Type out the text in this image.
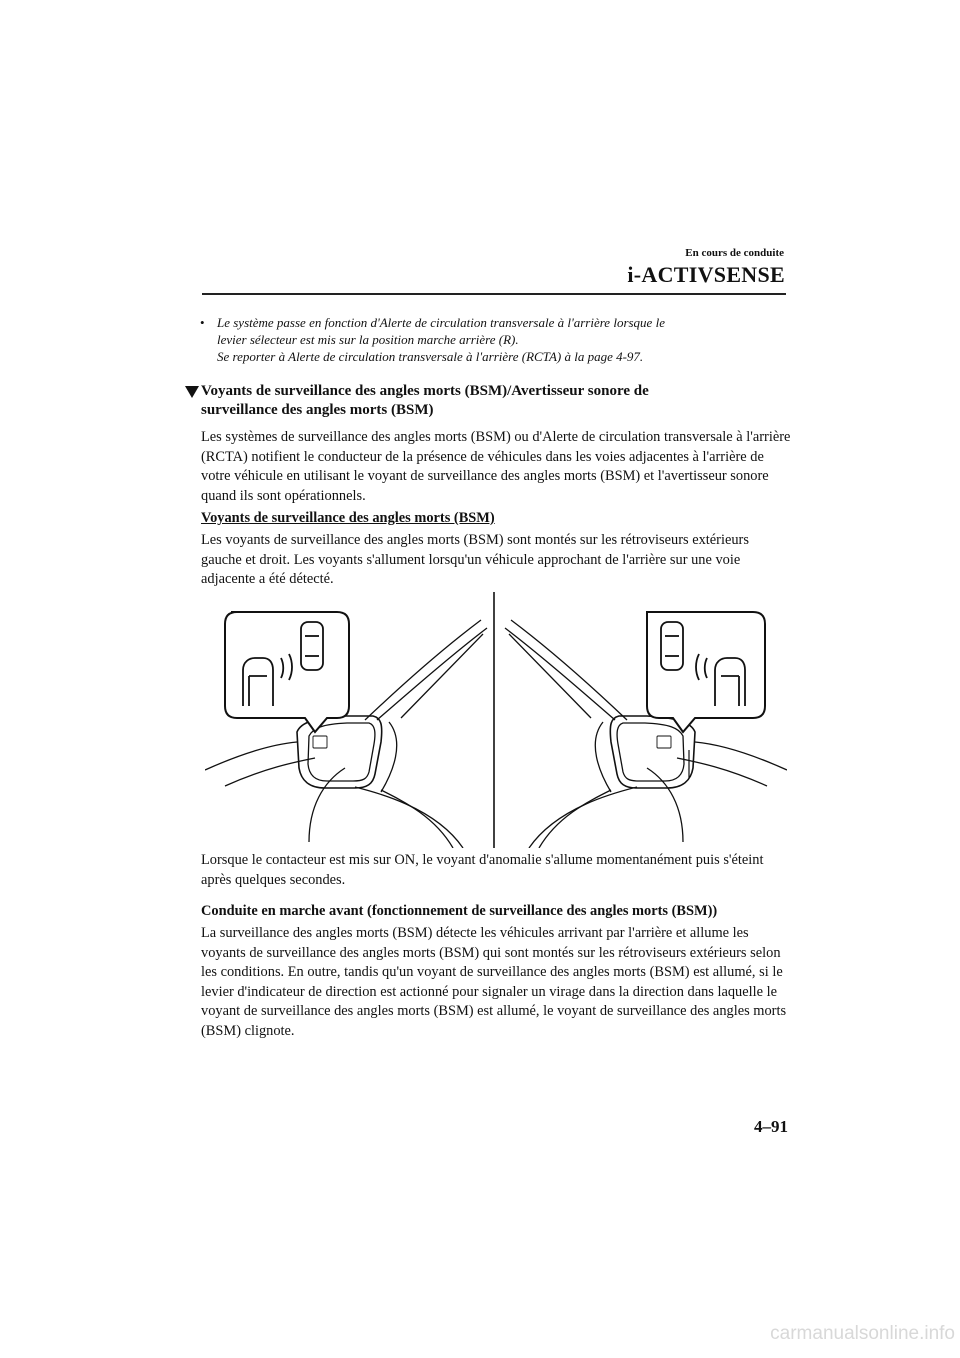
En cours de conduite
i-ACTIVSENSE
• Le système passe en fonction d'Alerte de circulation transversale à l'arrière lorsque le

levier sélecteur est mis sur la position marche arrière (R).

Se reporter à Alerte de circulation transversale à l'arrière (RCTA) à la page 4-97.

Voyants de surveillance des angles morts (BSM)/Avertisseur sonore de
surveillance des angles morts (BSM)

Les systèmes de surveillance des angles morts (BSM) ou d'Alerte de circulation transversale à l'arrière (RCTA) notifient le conducteur de la présence de véhicules dans les voies adjacentes à l'arrière de votre véhicule en utilisant le voyant de surveillance des angles morts (BSM) et l'avertisseur sonore quand ils sont opérationnels.

Voyants de surveillance des angles morts (BSM)

Les voyants de surveillance des angles morts (BSM) sont montés sur les rétroviseurs extérieurs gauche et droit. Les voyants s'allument lorsqu'un véhicule approchant de l'arrière sur une voie adjacente a été détecté.

Lorsque le contacteur est mis sur ON, le voyant d'anomalie s'allume momentanément puis s'éteint après quelques secondes.

Conduite en marche avant (fonctionnement de surveillance des angles morts (BSM))

La surveillance des angles morts (BSM) détecte les véhicules arrivant par l'arrière et allume les voyants de surveillance des angles morts (BSM) qui sont montés sur les rétroviseurs extérieurs selon les conditions. En outre, tandis qu'un voyant de surveillance des angles morts (BSM) est allumé, si le levier d'indicateur de direction est actionné pour signaler un virage dans la direction dans laquelle le voyant de surveillance des angles morts (BSM) est allumé, le voyant de surveillance des angles morts (BSM) clignote.

4–91
carmanualsonline.info
